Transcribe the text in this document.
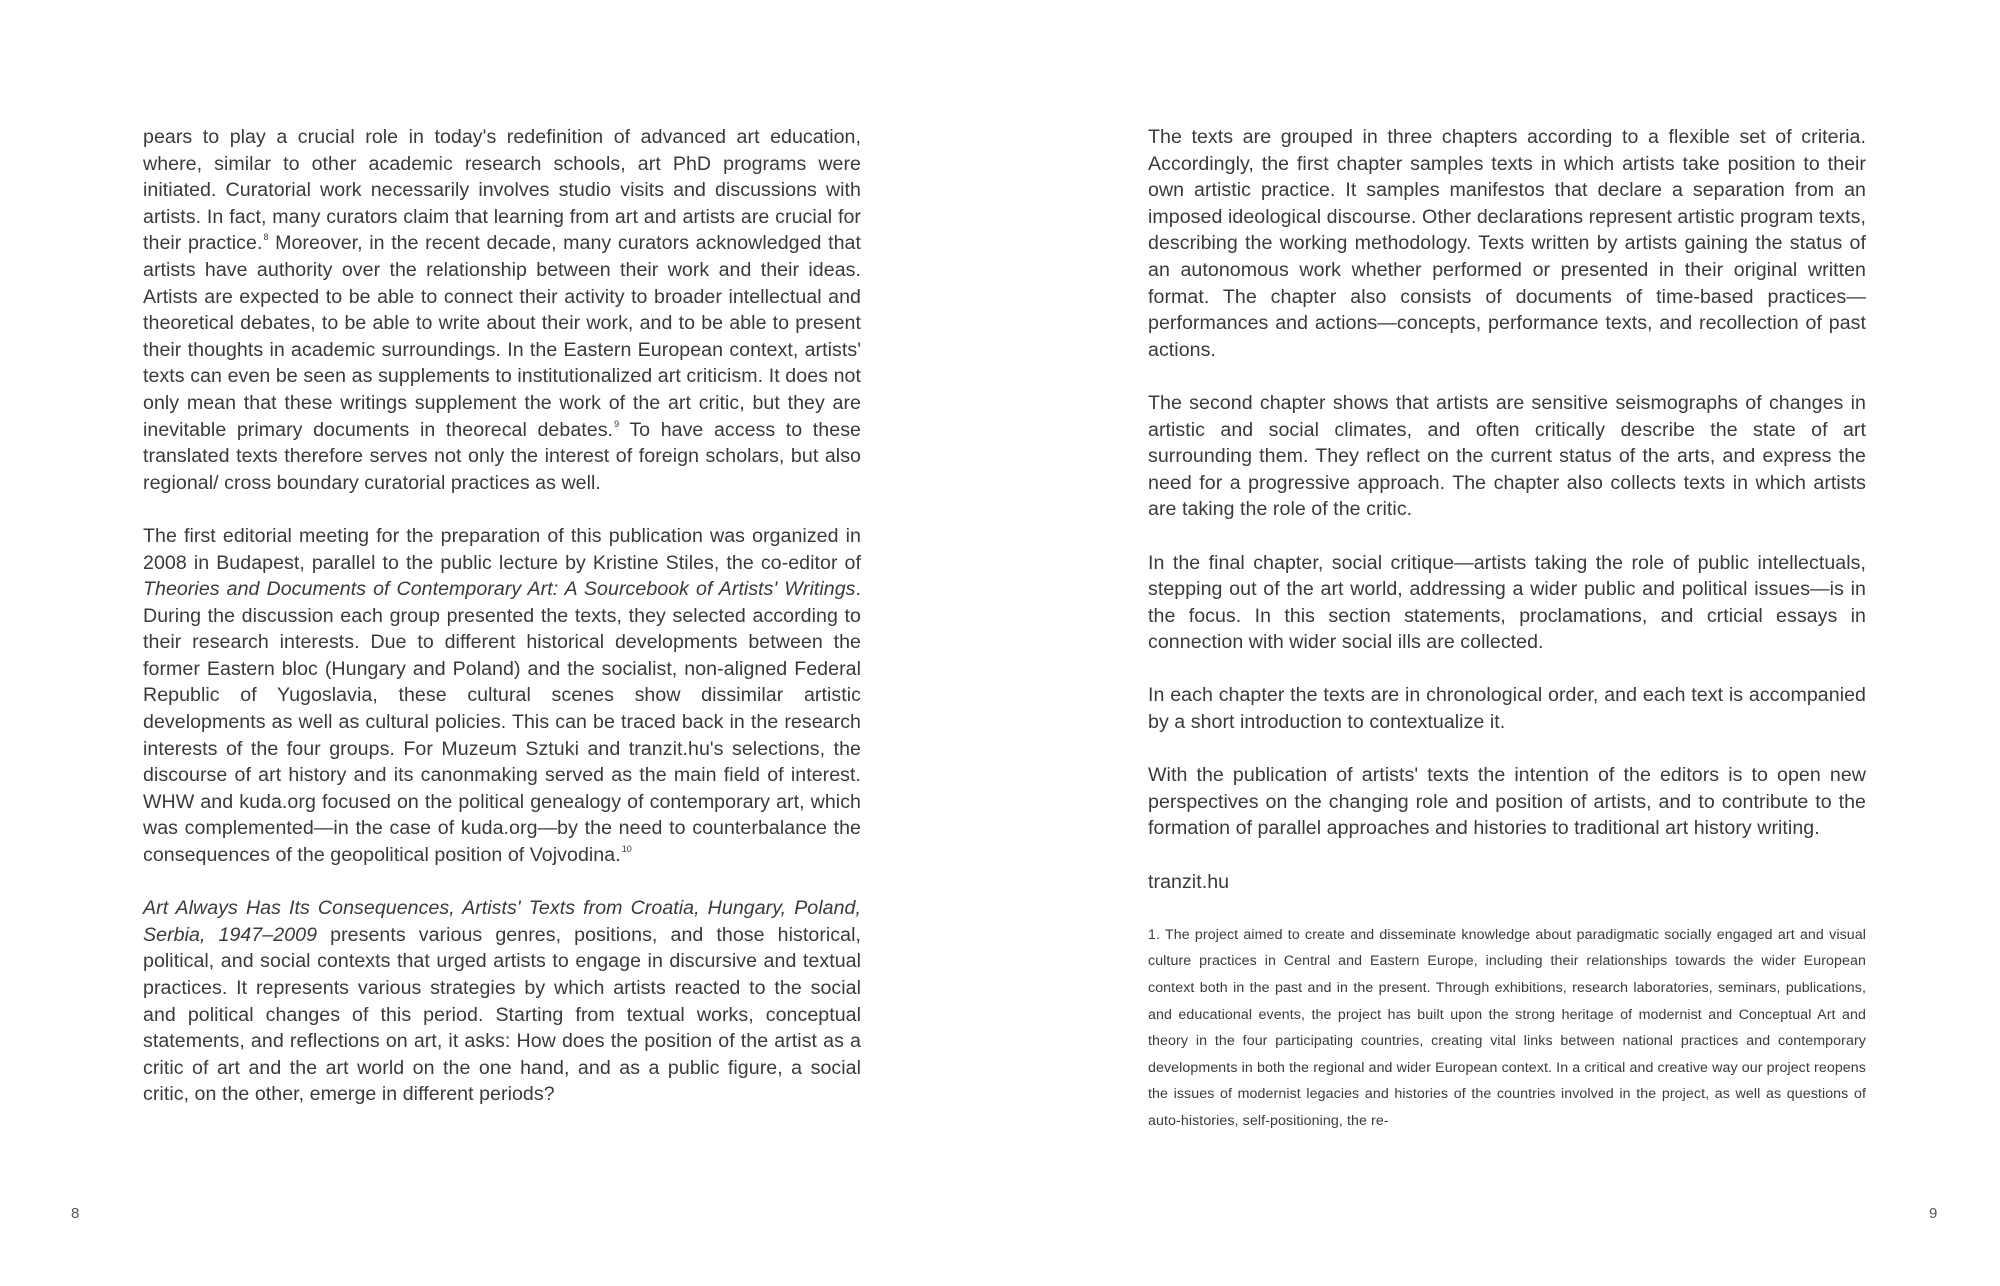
pears to play a crucial role in today's redefinition of advanced art education, where, similar to other academic research schools, art PhD programs were initiated. Curatorial work necessarily involves studio visits and discussions with artists. In fact, many curators claim that learning from art and artists are crucial for their practice.$^8$ Moreover, in the recent decade, many curators acknowledged that artists have authority over the relationship between their work and their ideas. Artists are expected to be able to connect their activity to broader intellectual and theoretical debates, to be able to write about their work, and to be able to present their thoughts in academic surroundings. In the Eastern European context, artists' texts can even be seen as supplements to institutionalized art criticism. It does not only mean that these writings supplement the work of the art critic, but they are inevitable primary documents in theorecal debates.$^9$ To have access to these translated texts therefore serves not only the interest of foreign scholars, but also regional/ cross boundary curatorial practices as well.

The first editorial meeting for the preparation of this publication was organized in 2008 in Budapest, parallel to the public lecture by Kristine Stiles, the co-editor of Theories and Documents of Contemporary Art: A Sourcebook of Artists' Writings. During the discussion each group presented the texts, they selected according to their research interests. Due to different historical developments between the former Eastern bloc (Hungary and Poland) and the socialist, non-aligned Federal Republic of Yugoslavia, these cultural scenes show dissimilar artistic developments as well as cultural policies. This can be traced back in the research interests of the four groups. For Muzeum Sztuki and tranzit.hu's selections, the discourse of art history and its canonmaking served as the main field of interest. WHW and kuda.org focused on the political genealogy of contemporary art, which was complemented—in the case of kuda.org—by the need to counterbalance the consequences of the geopolitical position of Vojvodina.$^{10}$

Art Always Has Its Consequences, Artists' Texts from Croatia, Hungary, Poland, Serbia, 1947–2009 presents various genres, positions, and those historical, political, and social contexts that urged artists to engage in discursive and textual practices. It represents various strategies by which artists reacted to the social and political changes of this period. Starting from textual works, conceptual statements, and reflections on art, it asks: How does the position of the artist as a critic of art and the art world on the one hand, and as a public figure, a social critic, on the other, emerge in different periods?

8

The texts are grouped in three chapters according to a flexible set of criteria. Accordingly, the first chapter samples texts in which artists take position to their own artistic practice. It samples manifestos that declare a separation from an imposed ideological discourse. Other declarations represent artistic program texts, describing the working methodology. Texts written by artists gaining the status of an autonomous work whether performed or presented in their original written format. The chapter also consists of documents of time-based practices—performances and actions—concepts, performance texts, and recollection of past actions.

The second chapter shows that artists are sensitive seismographs of changes in artistic and social climates, and often critically describe the state of art surrounding them. They reflect on the current status of the arts, and express the need for a progressive approach. The chapter also collects texts in which artists are taking the role of the critic.

In the final chapter, social critique—artists taking the role of public intellectuals, stepping out of the art world, addressing a wider public and political issues—is in the focus. In this section statements, proclamations, and crticial essays in connection with wider social ills are collected.

In each chapter the texts are in chronological order, and each text is accompanied by a short introduction to contextualize it.

With the publication of artists' texts the intention of the editors is to open new perspectives on the changing role and position of artists, and to contribute to the formation of parallel approaches and histories to traditional art history writing.

tranzit.hu

1. The project aimed to create and disseminate knowledge about paradigmatic socially engaged art and visual culture practices in Central and Eastern Europe, including their relationships towards the wider European context both in the past and in the present. Through exhibitions, research laboratories, seminars, publications, and educational events, the project has built upon the strong heritage of modernist and Conceptual Art and theory in the four participating countries, creating vital links between national practices and contemporary developments in both the regional and wider European context. In a critical and creative way our project reopens the issues of modernist legacies and histories of the countries involved in the project, as well as questions of auto-histories, self-positioning, the re-

9
